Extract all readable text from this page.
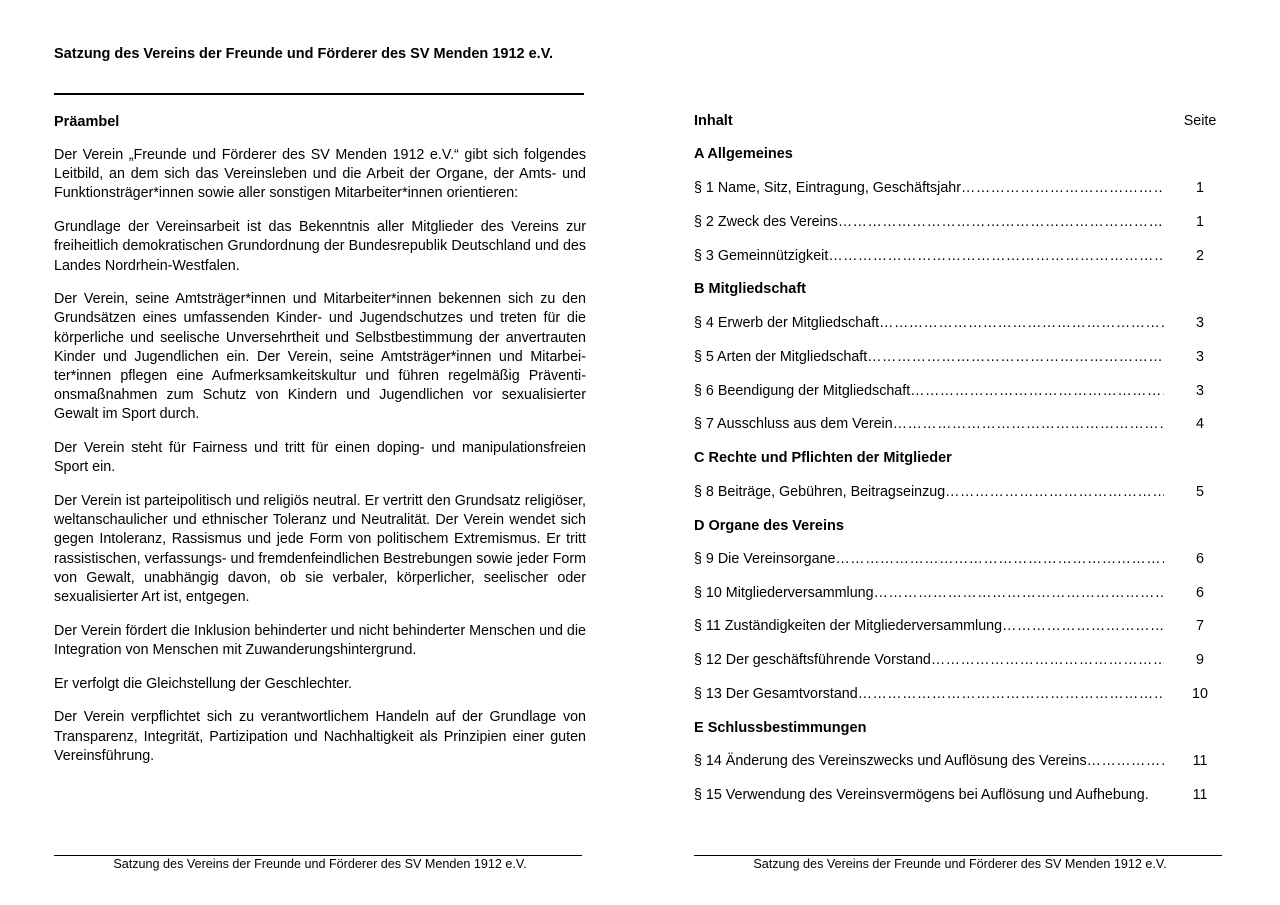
Satzung des Vereins der Freunde und Förderer des SV Menden 1912 e.V.
Präambel

Der Verein „Freunde und Förderer des SV Menden 1912 e.V.“ gibt sich folgendes Leitbild, an dem sich das Vereinsleben und die Arbeit der Organe, der Amts- und Funktionsträger*innen sowie aller sonstigen Mitarbeiter*innen orientieren:

Grundlage der Vereinsarbeit ist das Bekenntnis aller Mitglieder des Vereins zur freiheitlich demokratischen Grundordnung der Bundesrepublik Deutschland und des Landes Nordrhein-Westfalen.

Der Verein, seine Amtsträger*innen und Mitarbeiter*innen bekennen sich zu den Grundsätzen eines umfassenden Kinder- und Jugendschutzes und treten für die körperliche und seelische Unversehrtheit und Selbstbestimmung der anvertrauten Kinder und Jugendlichen ein. Der Verein, seine Amtsträger*innen und Mitarbeiter*innen pflegen eine Aufmerksamkeitskultur und führen regelmäßig Präventionsmaßnahmen zum Schutz von Kindern und Jugendlichen vor sexualisierter Gewalt im Sport durch.

Der Verein steht für Fairness und tritt für einen doping- und manipulationsfreien Sport ein.

Der Verein ist parteipolitisch und religiös neutral. Er vertritt den Grundsatz religiöser, weltanschaulicher und ethnischer Toleranz und Neutralität. Der Verein wendet sich gegen Intoleranz, Rassismus und jede Form von politischem Extremismus. Er tritt rassistischen, verfassungs- und fremdenfeindlichen Bestrebungen sowie jeder Form von Gewalt, unabhängig davon, ob sie verbaler, körperlicher, seelischer oder sexualisierter Art ist, entgegen.

Der Verein fördert die Inklusion behinderter und nicht behinderter Menschen und die Integration von Menschen mit Zuwanderungshintergrund.

Er verfolgt die Gleichstellung der Geschlechter.

Der Verein verpflichtet sich zu verantwortlichem Handeln auf der Grundlage von Transparenz, Integrität, Partizipation und Nachhaltigkeit als Prinzipien einer guten Vereinsführung.

Satzung des Vereins der Freunde und Förderer des SV Menden 1912 e.V.
Inhalt	Seite
A Allgemeines
§ 1 Name, Sitz, Eintragung, Geschäftsjahr ……………………………………………………………………………………………………………………………………………………	1
§ 2 Zweck des Vereins ……………………………………………………………………………………………………………………………………………………	1
§ 3 Gemeinnützigkeit ……………………………………………………………………………………………………………………………………………………	2
B Mitgliedschaft
§ 4 Erwerb der Mitgliedschaft ……………………………………………………………………………………………………………………………………………………	3
§ 5 Arten der Mitgliedschaft ……………………………………………………………………………………………………………………………………………………	3
§ 6 Beendigung der Mitgliedschaft ……………………………………………………………………………………………………………………………………………………	3
§ 7 Ausschluss aus dem Verein ……………………………………………………………………………………………………………………………………………………	4
C Rechte und Pflichten der Mitglieder
§ 8 Beiträge, Gebühren, Beitragseinzug ……………………………………………………………………………………………………………………………………………………	5
D Organe des Vereins
§ 9 Die Vereinsorgane ……………………………………………………………………………………………………………………………………………………	6
§ 10 Mitgliederversammlung ……………………………………………………………………………………………………………………………………………………	6
§ 11 Zuständigkeiten der Mitgliederversammlung ……………………………………………………………………………………………………………………………………………………	7
§ 12 Der geschäftsführende Vorstand ……………………………………………………………………………………………………………………………………………………	9
§ 13 Der Gesamtvorstand ……………………………………………………………………………………………………………………………………………………	10
E Schlussbestimmungen
§ 14 Änderung des Vereinszwecks und Auflösung des Vereins ……………………………………………………………………………………………………………………………………………………	11
§ 15 Verwendung des Vereinsvermögens bei Auflösung und Aufhebung.	11
Satzung des Vereins der Freunde und Förderer des SV Menden 1912 e.V.
